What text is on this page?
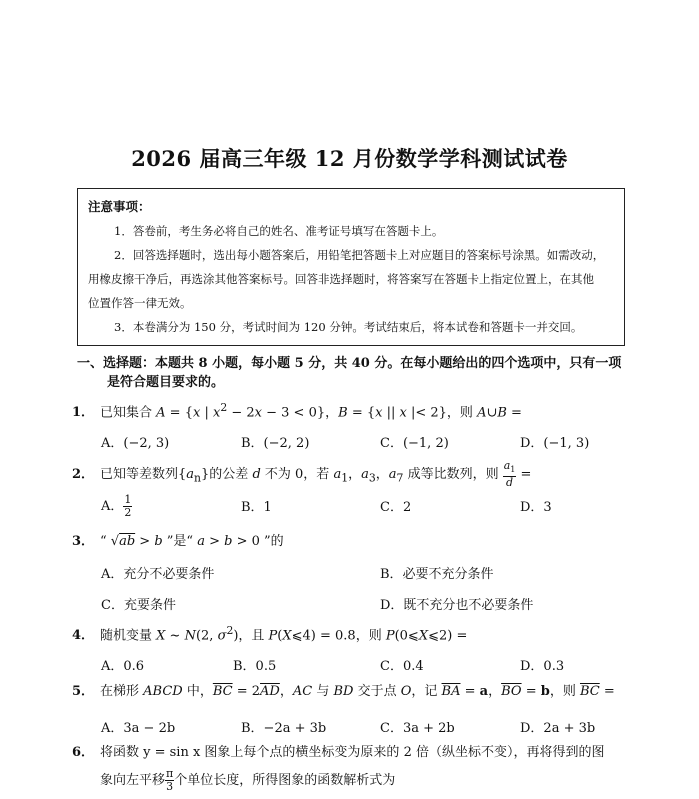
2026 届高三年级 12 月份数学学科测试试卷

注意事项：

1．答卷前，考生务必将自己的姓名、准考证号填写在答题卡上。

2．回答选择题时，选出每小题答案后，用铅笔把答题卡上对应题目的答案标号涂黑。如需改动，

用橡皮擦干净后，再选涂其他答案标号。回答非选择题时，将答案写在答题卡上指定位置上，在其他

位置作答一律无效。

3．本卷满分为 150 分，考试时间为 120 分钟。考试结束后，将本试卷和答题卡一并交回。

一、选择题：本题共 8 小题，每小题 5 分，共 40 分。在每小题给出的四个选项中，只有一项
是符合题目要求的。
1． 已知集合 A = {x | $x^2 - 2x - 3 < 0$}，B = {x || x |< 2}，则 A∪B =
A．(−2, 3)	B．(−2, 2)	C．(−1, 2)	D．(−1, 3)
2． 已知等差数列$\{a_n\}$的公差 d 不为 0，若 $a_1$，$a_3$，$a_7$ 成等比数列，则 $\frac{a_1}{d}$ =
A． $\frac{1}{2}$	B．1	C．2	D．3
3． “ √ab > b ”是“ a > b > 0 ”的
A．充分不必要条件	B．必要不充分条件
C．充要条件	D．既不充分也不必要条件
4． 随机变量 X ~ N(2, $\sigma^2$)，且 P(X⩽4) = 0.8，则 P(0⩽X⩽2) =
A．0.6	B．0.5	C．0.4	D．0.3
5． 在梯形 ABCD 中，$\overline{BC} = 2\overline{AD}$，AC 与 BD 交于点 O，记 $\overline{BA} = a$，$\overline{BO} = b$，则 $\overline{BC}$ =
A．3a − 2b	B．−2a + 3b	C．3a + 2b	D．2a + 3b
6． 将函数 y = sin x 图象上每个点的横坐标变为原来的 2 倍（纵坐标不变），再将得到的图
象向左平移 $\frac{\pi}{3}$ 个单位长度，所得图象的函数解析式为
